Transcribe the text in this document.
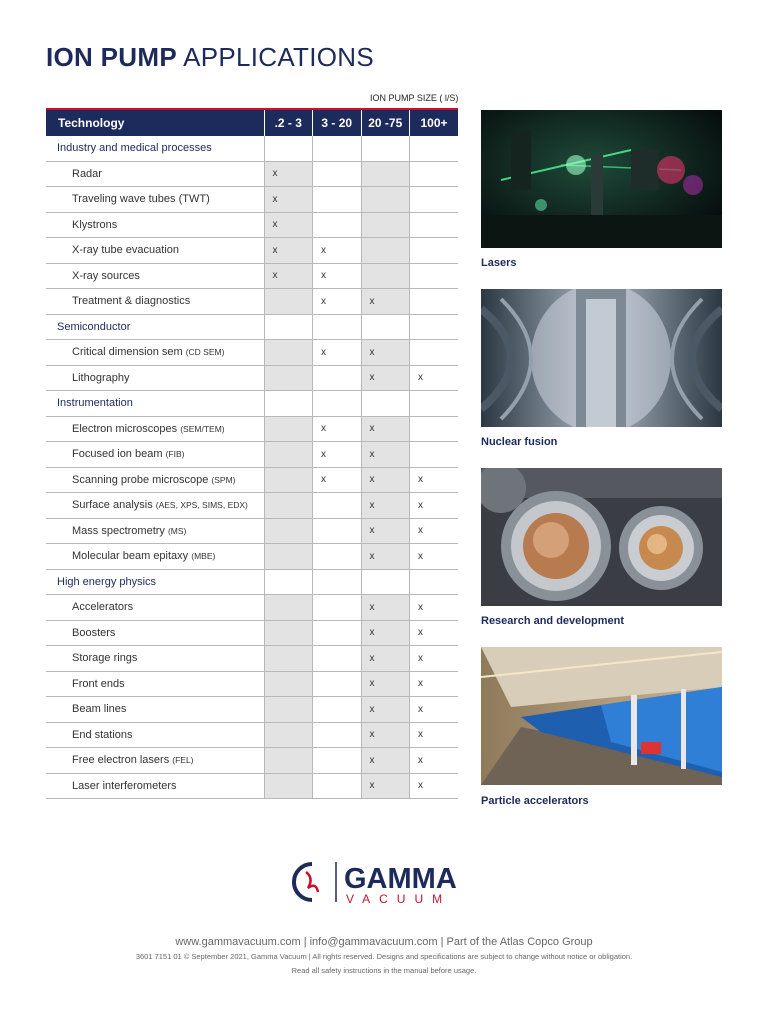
ION PUMP APPLICATIONS
ION PUMP SIZE ( l/S)
Technology	.2 - 3	3 - 20	20 -75	100+
Industry and medical processes				
Radar	x			
Traveling wave tubes (TWT)	x			
Klystrons	x			
X-ray tube evacuation	x	x		
X-ray sources	x	x		
Treatment & diagnostics		x	x	
Semiconductor				
Critical dimension sem (CD SEM)		x	x	
Lithography			x	x
Instrumentation				
Electron microscopes (SEM/TEM)		x	x	
Focused ion beam (FIB)		x	x	
Scanning probe microscope (SPM)		x	x	x
Surface analysis (AES, XPS, SIMS, EDX)			x	x
Mass spectrometry (MS)			x	x
Molecular beam epitaxy (MBE)			x	x
High energy physics				
Accelerators			x	x
Boosters			x	x
Storage rings			x	x
Front ends			x	x
Beam lines			x	x
End stations			x	x
Free electron lasers (FEL)			x	x
Laser interferometers			x	x
Lasers
Nuclear fusion
Research and development
Particle accelerators
GAMMA
VACUUM
www.gammavacuum.com | info@gammavacuum.com | Part of the Atlas Copco Group
3601 7151 01 © September 2021, Gamma Vacuum | All rights reserved. Designs and specifications are subject to change without notice or obligation.
Read all safety instructions in the manual before usage.
